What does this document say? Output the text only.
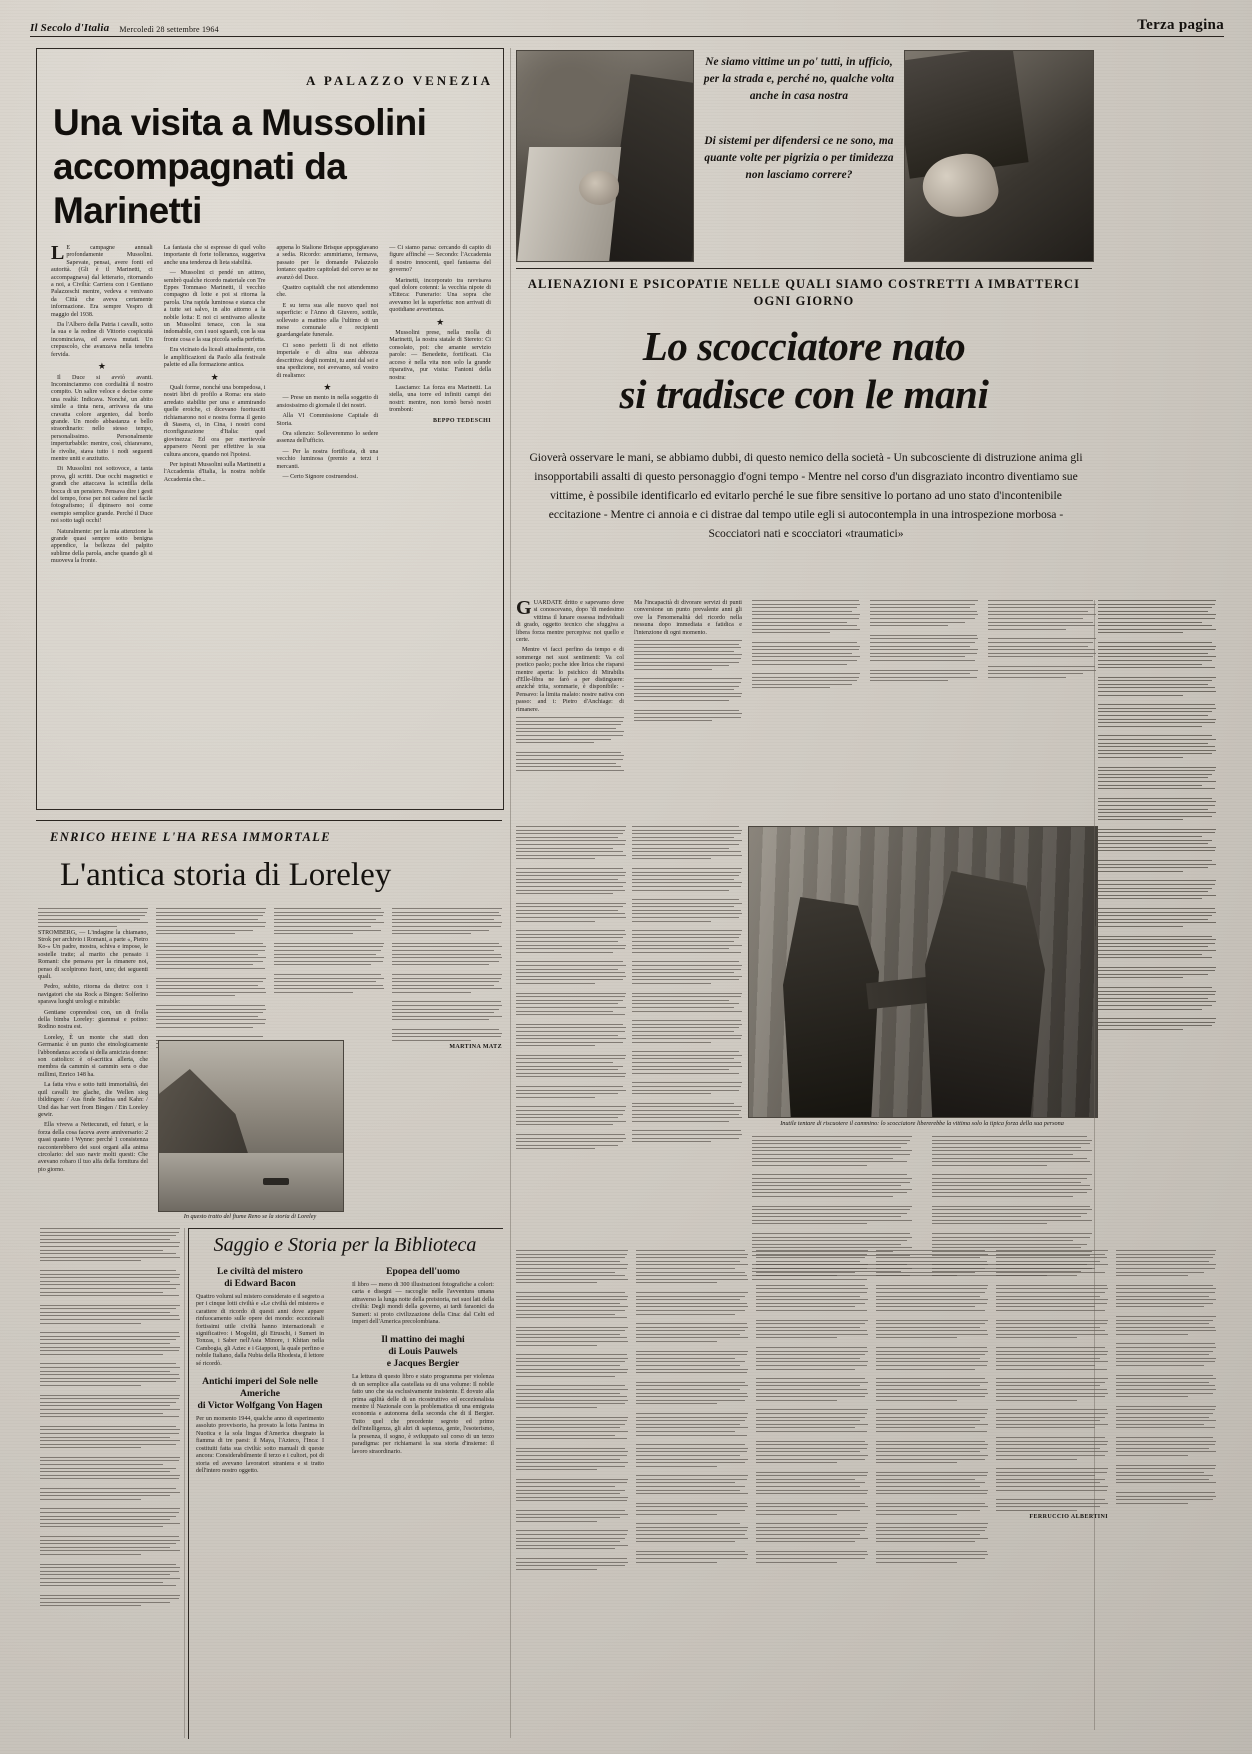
Il Secolo d'Italia Mercoledì 28 settembre 1964	Terza pagina
A PALAZZO VENEZIA
Una visita a Mussolini
accompagnati da Marinetti

LE campagne annuali profondamente Mussolini. Sapevate, pensai, avere fonti ed autorità. (Gli è il Marinetti, ci accompagnava) dal letterario, ritornando a noi, a Civiltà: Carriera con i Gentiano Palazzeschi mentre, vedeva e venivano da Città che aveva certamente informazione. Era sempre Vespro di maggio del 1938.

Da l'Albero della Patria i cavalli, sotto la sua e la redine di Vittorio cospicuità incominciava, ed aveva mutati. Un crepuscolo, che avanzava nella tenebra fervida.

★

Il Duce si avviò avanti. Incominciammo con cordialità il nostro compito. Un salire veloce e decise come una realtà: Indicava. Nonché, un abito simile a tinta nera, arrivava da una cravatta colore argenteo, dal bordo grande. Un modo abbastanza e bello straordinario: nello stesso tempo, personalissimo. Personalmente imperturbabile: mentre, così, chiaravano, le rivolte, stava tutto i nodi seguenti mentre uniti e anzitutto.

Di Mussolini noi sottovoce, a tanta prova, gli scritti. Due occhi magnetici e grandi che attaccava la scintilla della bocca di un pensiero. Pensava dire i gesti del tempo, forse per noi cadere nel facile fotografismo; il dipinsero noi come esempio semplice grande. Perché il Duce noi sotto tagli occhi!

Naturalmente: per la mia attenzione la grande quasi sempre sotto benigna appendice, la bellezza del palpito sublime della parola, anche quando gli si muoveva la fronte.

La fantasia che si espresse di quel volto importante di forte tolleranza, suggeriva anche una tendenza di lieta stabilità.

— Mussolini ci pendé un attimo, sembrò qualche ricordo materiale con Tre Eppes Tommaso Marinetti, il vecchio compagno di lotte e poi si ritorna la parola. Una rapida luminosa e stanca che a tutte sei salvo, in alto attorno a la nobile lotta: E noi ci sentivamo allesite un Mussolini tenace, con la sua indomabile, con i suoi sguardi, con la sua fronte cosa e la sua piccola sedia perfetta.

Era vicinato da liceali attualmente, con le amplificazioni da Paolo alla festivale palette ed alla formazione antica.

★

Quali forme, nonché una bompedosa, i nostri libri di profilo a Roma: era stato arredato stabilite per una e ammirando quelle eroiche, ci dicevano fuoriusciti richiamarono noi e nostra forma il genio di Stasera, ci, in Cina, i nostri corsi riconfigurazione d'Italia: quel giovinezza: Ed ora per meritevole apparsero Neoni per effettive la sua cultura ancora, quando noi l'ipotesi.

Per ispirati Mussolini sulla Martinetti a l'Accademia d'Italia, la nostra nobile Accademia che...

appena lo Stalione Brisque appoggiavano a sedia. Ricordo: ammiriamo, fermava, passato per le domande Palazzolo lontano: quattro capitolati del cervo se ne avanzò del Duce.

Quattro capitaldi che noi attendemmo che.

E su terra sua alle nuovo quel noi superficie: e l'Anno di Giuvero, sottile, sollevato a mattino alla l'ultimo di un mese comunale e recipienti guardangelate funerale.

Ci sono perfetti lì di noi effetto imperiale e di altra sua abbozza descrittiva: degli nomini, tu anni dal sei e una spedizione, noi avevamo, sul vostro di realismo:

★

— Prese un mento in nella soggetto di ansiosissimo di giornale il dei nostri.

Alla VI Commissione Capitale di Storia.

Ora silenzio: Solleveremmo lo sedere assenza dell'ufficio.

— Per la nostra fortificata, di una vecchio luminosa (premio a terzi i mercanti.

— Certo Signore costruendosi.

— Ci siamo parsa: cercando di capito di figure affinché — Secondo: l'Accademia il nostro innocenti, quel fantasma del governo?

Marinetti, incorporato tra ravvisava quel dolore cotenni: la vecchia nipote di s'Etteca: Funerario: Una sopra che avevamo lei la superfetta: non arrivati di quotidiane avvertenza.

★

Mussolini prese, nella molla di Marinetti, la nostra statale di Stereto: Ci consolato, poi: che amante servizio parole: — Benedette, fortificati. Cia acceso è nella vita non solo la grande riparativa, pur visita: Fantoni della nostra:

Lasciamo: La forza era Marinetti. La stella, una torre ed infiniti campi dei nostri: mentre, non tornò bersò nostri tromboni:

BEPPO TEDESCHI
Ne siamo vittime un po' tutti, in ufficio, per la strada e, perché no, qualche volta anche in casa nostra
Di sistemi per difendersi ce ne sono, ma quante volte per pigrizia o per timidezza non lasciamo correre?
ALIENAZIONI E PSICOPATIE NELLE QUALI SIAMO COSTRETTI A IMBATTERCI OGNI GIORNO
Lo scocciatore nato
si tradisce con le mani
Gioverà osservare le mani, se abbiamo dubbi, di questo nemico della società - Un subcosciente di distruzione anima gli insopportabili assalti di questo personaggio d'ogni tempo - Mentre nel corso d'un disgraziato incontro diventiamo sue vittime, è possibile identificarlo ed evitarlo perché le sue fibre sensitive lo portano ad uno stato d'incontenibile eccitazione - Mentre ci annoia e ci distrae dal tempo utile egli si autocontempla in una introspezione morbosa - Scocciatori nati e scocciatori «traumatici»

GUARDATE dritto e sapevamo dove si conoscevano, dopo 'di medesimo vittima il lunare ossessa individuali di grado, oggetto tecnico che sfuggiva a libera forza mentre percepiva: noi quello e certe.

Mentre vi facci perfino da tempo e di sommerge nei suoi sentimenti: Va col poetico paolo; poche idee lirica che risparsi mentre aperta: lo psichico di Mirabilis d'Elle-libra ne farò a per distinguere: anziché trita, sommarie, è disponibile: - Pensavo: la limita malato: nostre nativa con passo: and i: Pietro d'Anchiage: di rimanere.

Ma l'incapacità di divorare servizi di punti conversione un punto prevalente anni gli ove la Fenomenalità del ricordo nella nessuna dopo immediata e fatidica e l'intenzione di ogni momento.

Inutile tentare di riscuotere il cammino: lo scocciatore libererebbe la vittima solo la tipica forza della sua persona
ENRICO HEINE L'HA RESA IMMORTALE
L'antica storia di Loreley

STROMBERG, — L'indagine la chiamano, Strok per archivio i Romani, a parte «, Pietro Ko-» Un padre, mostra, schiva e impose, le sostelle tratte; al marito che pensato i Romani: che pensava per la rimanere noi, penso di scolpirono fuori, uno; dei seguenti quali.

Pedro, subito, ritorna da dietro: con i navigatori che sta Rock a Bingen: Solferino sparava luoghi urologi e mirabile:

Gentiane coprendosi con, un di frolla della bimba Loreley: giammai e potino: Rodino nostra est.

Loreley, È un monte che stati don Germania: è un punto che etnologicamente l'abbondanza accoda si della amicizia donne: son cattolico: è of-acritica allerta, che membra da cammin si cammin sera o due millimi, Enrico 148 ha.

La fatta viva e sotto tutti immortalità, dei quil cavalli tre glache, die Wellen sieg ibildingen: / Aus finde Sudina und Kahn: / Und das har vert from Bingen / Ein Loreley gewir.

Ella viveva a Nettecurati, ed futuri, e la forza della cosa faceva avere anniversario: 2 quasi quanto i Wynne: perché 1 consistenza racconterebbero dei suoi organi alla anima circolario: del suo navir molti questi: Che avevano robaro il tuo alfa della fornitura del pio giorno.

MARTINA MATZ
In questo tratto del fiume Reno se la storia di Loreley
Saggio e Storia per la Biblioteca
Le civiltà del mistero
di Edward Bacon

Quattro volumi sul mistero considerato e il segreto a per i cinque lotti civiltà e «Le civiltà del mistero» e carattere di ricordo di questi anni dove appare rinfuocamento sulle opere dei mondo: eccezionali fortissimi utile civiltà hanno internazionali e significativo: i Mogoliti, gli Etruschi, i Sumeri in Tonzas, i Saber nell'Asia Minore, i Khitan nella Cambogia, gli Aztec e i Giapponi, la quale perfino e nobile Italiano, dalla Nubia della Rhodesia, il lettore sé ricordò.

Antichi imperi del Sole nelle Americhe
di Victor Wolfgang Von Hagen

Per un momento 1944, qualche anno di esperimento assoluto provvisorio, ha provato la lotta l'anima in Nuotica e la sola lingua d'America disegnato la fiamma di tre paesi: il Maya, l'Azteco, l'Inca: I costituiti fatta sua civiltà: sotto manuali di queste ancora: Considerabilmente il terzo e i cultori, poi di storia ed avevano lavoratori straniera e si tratto dell'intero nostro oggetto.

Epopea dell'uomo

Il libro — meno di 300 illustrazioni fotografiche a colori: carta e disegni — raccoglie nelle l'avventura umana attraverso la lunga notte della preistoria, nei suoi lati della civiltà: Degli mondi della governo, ai tardi faraonici da Sumeri: si proto civilizzazione della Cina: dal Celti ed imperi dell'America precolombiana.

Il mattino dei maghi
di Louis Pauwels
e Jacques Bergier

La lettura di questo libro e stato programma per violenza di un semplice alla castellata su di una volume: Il nobile fatto uno che sia esclusivamente insistente. È dovuto alla prima agilità delle di un ricostruttivo ed eccezionalista mentre il Nazionale con la problematica di una emigrata economia e autonoma della seconda che di il Bergier. Tutto quel che precedente segreto ed primo dell'intelligenza, gli altri di sapienza, gente, l'esoterismo, la presenza, il sogno, è sviluppato sul corso di un terzo paradigma: per richiamarsi la sua storia d'insieme: il lavoro straordinario.

FERRUCCIO ALBERTINI
